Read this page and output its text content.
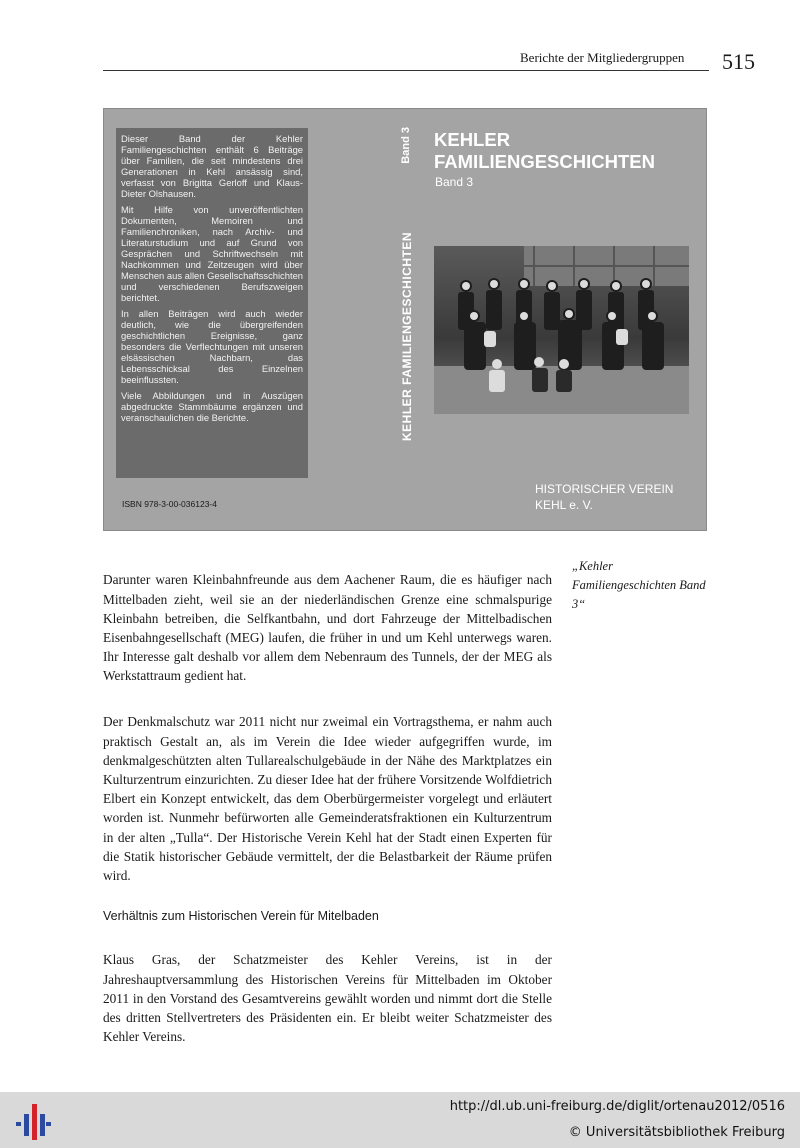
Berichte der Mitgliedergruppen 515

Dieser Band der Kehler Familiengeschichten enthält 6 Beiträge über Familien, die seit mindestens drei Generationen in Kehl ansässig sind, verfasst von Brigitta Gerloff und Klaus-Dieter Olshausen.

Mit Hilfe von unveröffentlichten Dokumenten, Memoiren und Familienchroniken, nach Archiv- und Literaturstudium und auf Grund von Gesprächen und Schriftwechseln mit Nachkommen und Zeitzeugen wird über Menschen aus allen Gesellschaftsschichten und verschiedenen Berufszweigen berichtet.

In allen Beiträgen wird auch wieder deutlich, wie die übergreifenden geschichtlichen Ereignisse, ganz besonders die Verflechtungen mit unseren elsässischen Nachbarn, das Lebensschicksal des Einzelnen beeinflussten.

Viele Abbildungen und in Auszügen abgedruckte Stammbäume ergänzen und veranschaulichen die Berichte.

ISBN 978-3-00-036123-4
Band 3
KEHLER FAMILIENGESCHICHTEN
KEHLER
FAMILIENGESCHICHTEN
Band 3
HISTORISCHER VEREIN
KEHL e. V.
„Kehler Familiengeschichten Band 3“

Darunter waren Kleinbahnfreunde aus dem Aachener Raum, die es häufiger nach Mittelbaden zieht, weil sie an der niederländischen Grenze eine schmalspurige Kleinbahn betreiben, die Selfkantbahn, und dort Fahrzeuge der Mittelbadischen Eisenbahngesellschaft (MEG) laufen, die früher in und um Kehl unterwegs waren. Ihr Interesse galt deshalb vor allem dem Nebenraum des Tunnels, der der MEG als Werkstattraum gedient hat.

Der Denkmalschutz war 2011 nicht nur zweimal ein Vortragsthema, er nahm auch praktisch Gestalt an, als im Verein die Idee wieder aufgegriffen wurde, im denkmalgeschützten alten Tullarealschulgebäude in der Nähe des Marktplatzes ein Kulturzentrum einzurichten. Zu dieser Idee hat der frühere Vorsitzende Wolfdietrich Elbert ein Konzept entwickelt, das dem Oberbürgermeister vorgelegt und erläutert worden ist. Nunmehr befürworten alle Gemeinderatsfraktionen ein Kulturzentrum in der alten „Tulla“. Der Historische Verein Kehl hat der Stadt einen Experten für die Statik historischer Gebäude vermittelt, der die Belastbarkeit der Räume prüfen wird.

Verhältnis zum Historischen Verein für Mitelbaden

Klaus Gras, der Schatzmeister des Kehler Vereins, ist in der Jahreshauptversammlung des Historischen Vereins für Mittelbaden im Oktober 2011 in den Vorstand des Gesamtvereins gewählt worden und nimmt dort die Stelle des dritten Stellvertreters des Präsidenten ein. Er bleibt weiter Schatzmeister des Kehler Vereins.

http://dl.ub.uni-freiburg.de/diglit/ortenau2012/0516
© Universitätsbibliothek Freiburg
